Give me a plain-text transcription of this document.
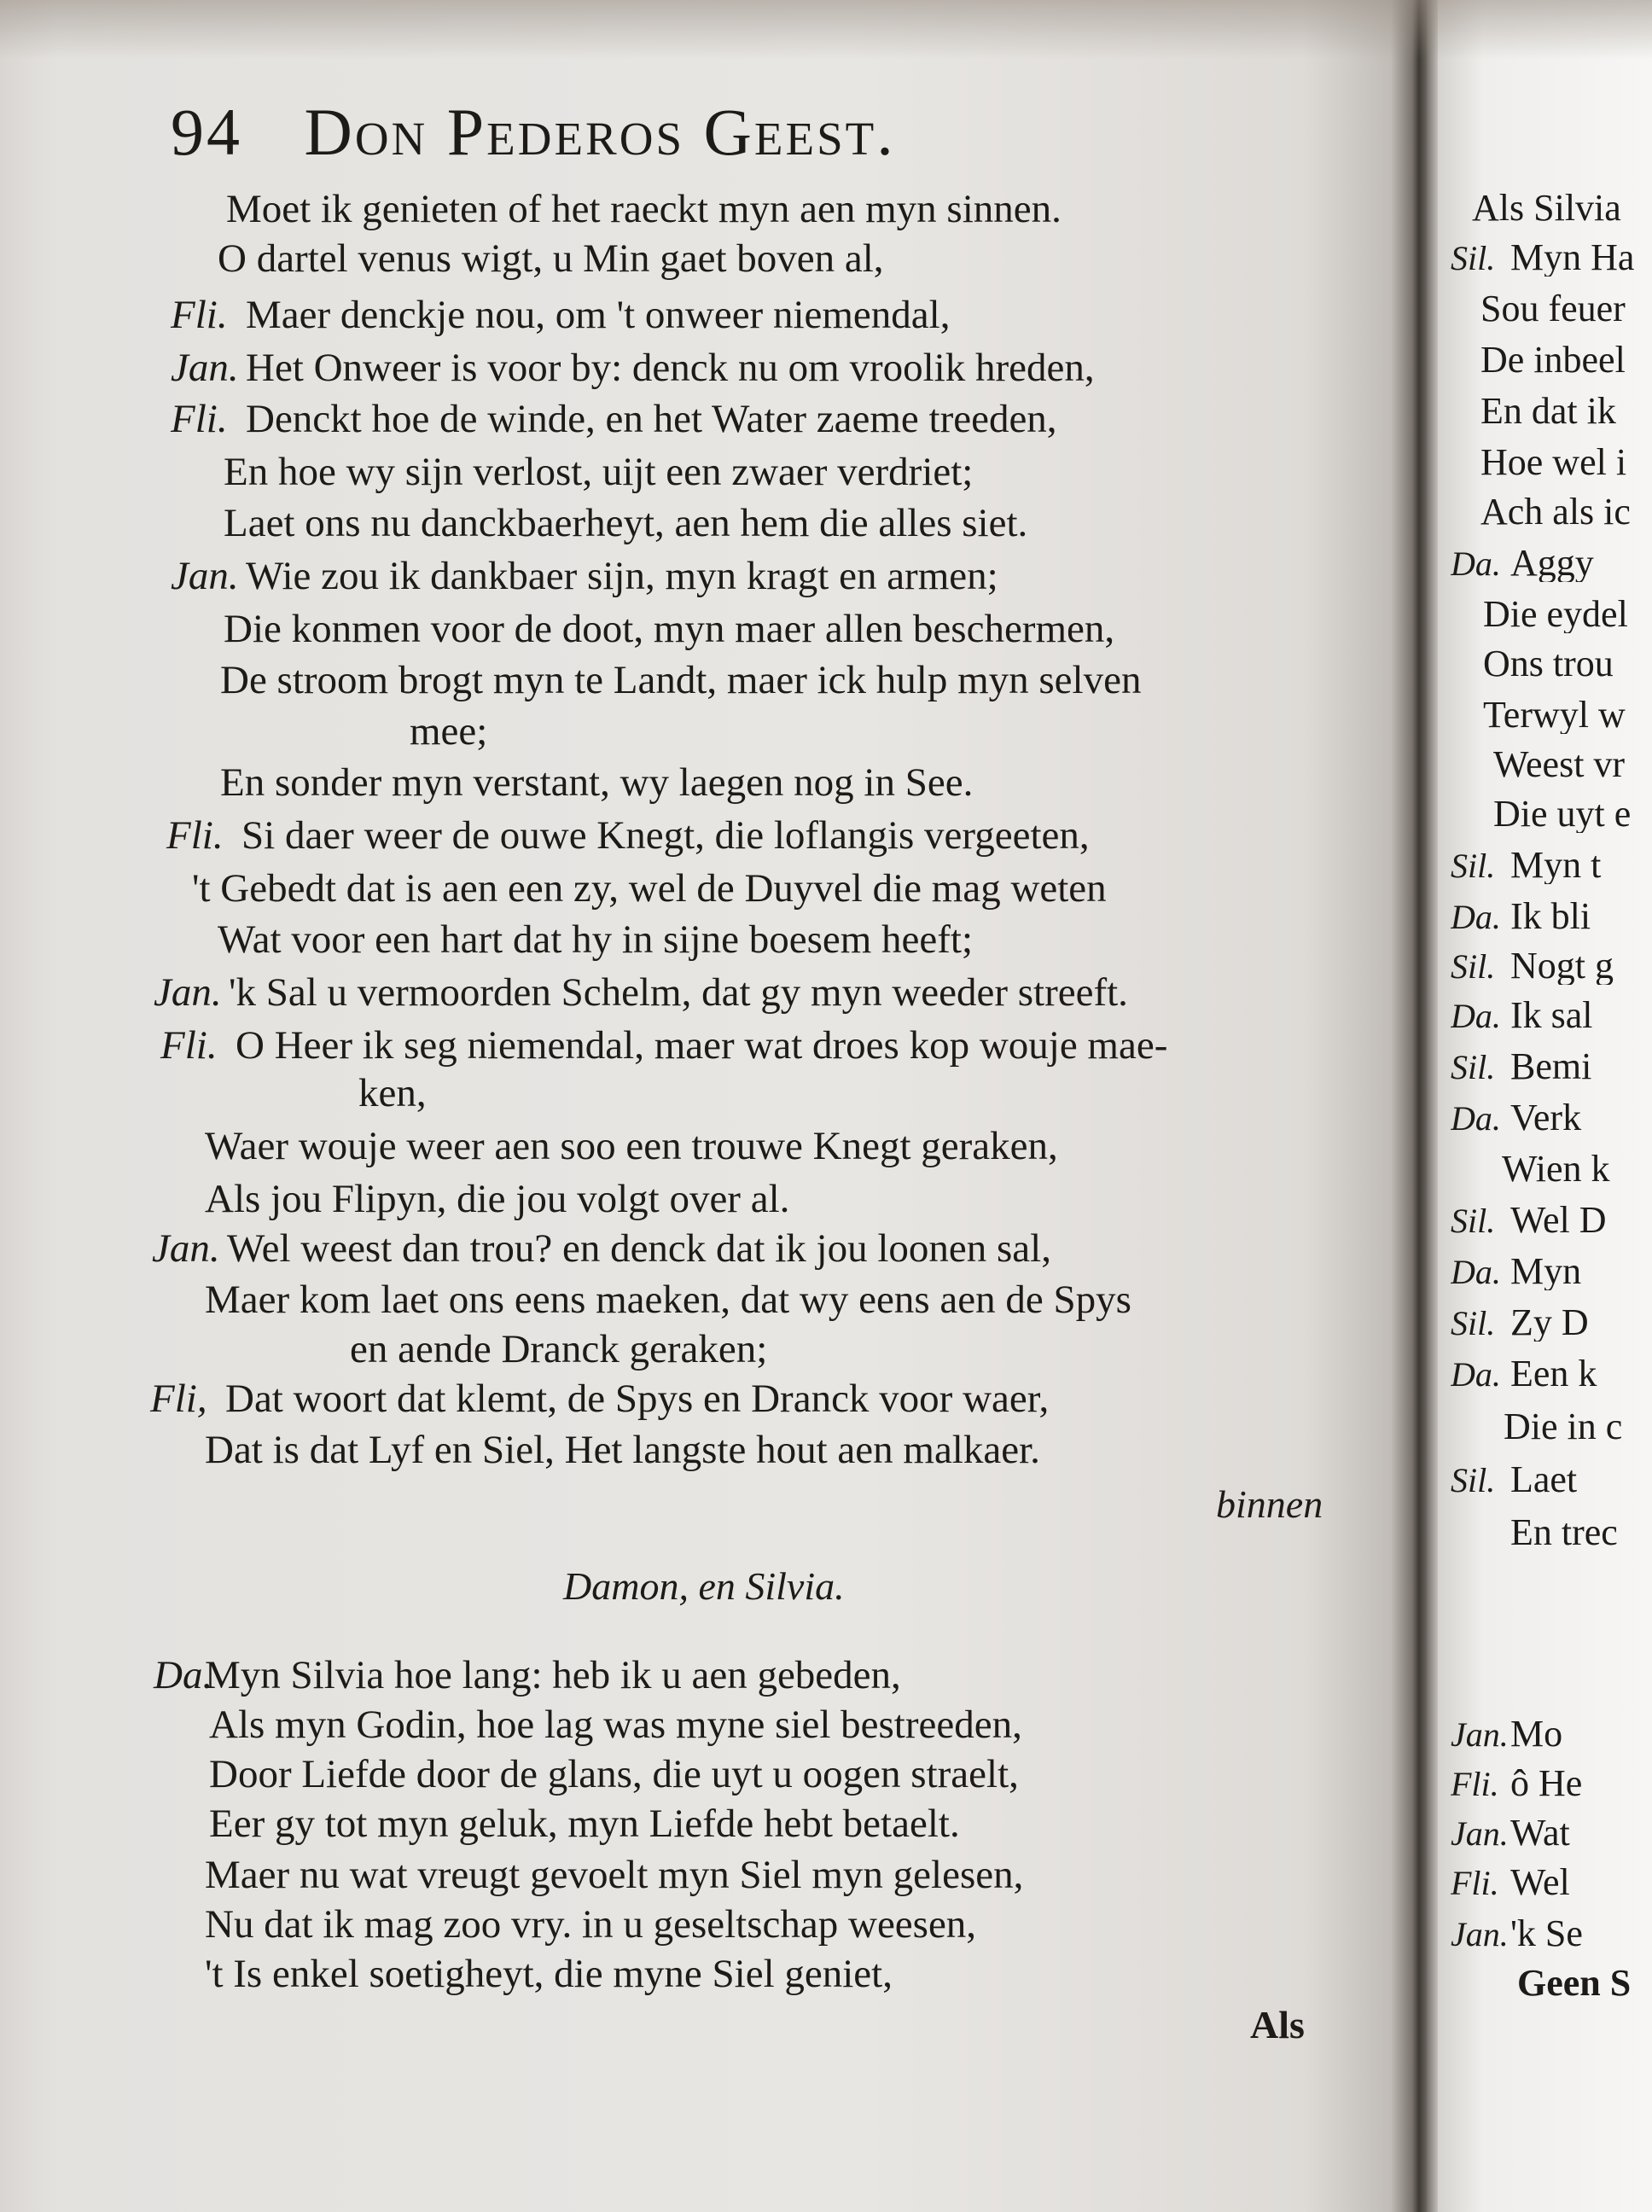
94 Don Pederos Geest.
Moet ik genieten of het raeckt myn aen myn sinnen.
O dartel venus wigt, u Min gaet boven al,
Fli. Maer denckje nou, om 't onweer niemendal,
Jan. Het Onweer is voor by: denck nu om vroolik hreden,
Fli. Denckt hoe de winde, en het Water zaeme treeden,
En hoe wy sijn verlost, uijt een zwaer verdriet;
Laet ons nu danckbaerheyt, aen hem die alles siet.
Jan. Wie zou ik dankbaer sijn, myn kragt en armen;
Die konmen voor de doot, myn maer allen beschermen,
De stroom brogt myn te Landt, maer ick hulp myn selven
mee;
En sonder myn verstant, wy laegen nog in See.
Fli. Si daer weer de ouwe Knegt, die loflangis vergeeten,
't Gebedt dat is aen een zy, wel de Duyvel die mag weten
Wat voor een hart dat hy in sijne boesem heeft;
Jan. 'k Sal u vermoorden Schelm, dat gy myn weeder streeft.
Fli. O Heer ik seg niemendal, maer wat droes kop wouje mae-
ken,
Waer wouje weer aen soo een trouwe Knegt geraken,
Als jou Flipyn, die jou volgt over al.
Jan. Wel weest dan trou? en denck dat ik jou loonen sal,
Maer kom laet ons eens maeken, dat wy eens aen de Spys
en aende Dranck geraken;
Fli, Dat woort dat klemt, de Spys en Dranck voor waer,
Dat is dat Lyf en Siel, Het langste hout aen malkaer.
binnen
Damon, en Silvia.
Da.Myn Silvia hoe lang: heb ik u aen gebeden,
Als myn Godin, hoe lag was myne siel bestreeden,
Door Liefde door de glans, die uyt u oogen straelt,
Eer gy tot myn geluk, myn Liefde hebt betaelt.
Maer nu wat vreugt gevoelt myn Siel myn gelesen,
Nu dat ik mag zoo vry. in u geseltschap weesen,
't Is enkel soetigheyt, die myne Siel geniet,
Als
Als Silvia
Sil. Myn Ha
Sou feuer
De inbeel
En dat ik
Hoe wel i
Ach als ic
Da. Aggy
Die eydel
Ons trou
Terwyl w
Weest vr
Die uyt e
Sil. Myn t
Da. Ik bli
Sil. Nogt g
Da. Ik sal
Sil. Bemi
Da. Verk
Wien k
Sil. Wel D
Da. Myn
Sil. Zy D
Da. Een k
Die in c
Sil. Laet
En trec
Jan.Mo
Fli. ô He
Jan.Wat
Fli. Wel
Jan.'k Se
Geen S
